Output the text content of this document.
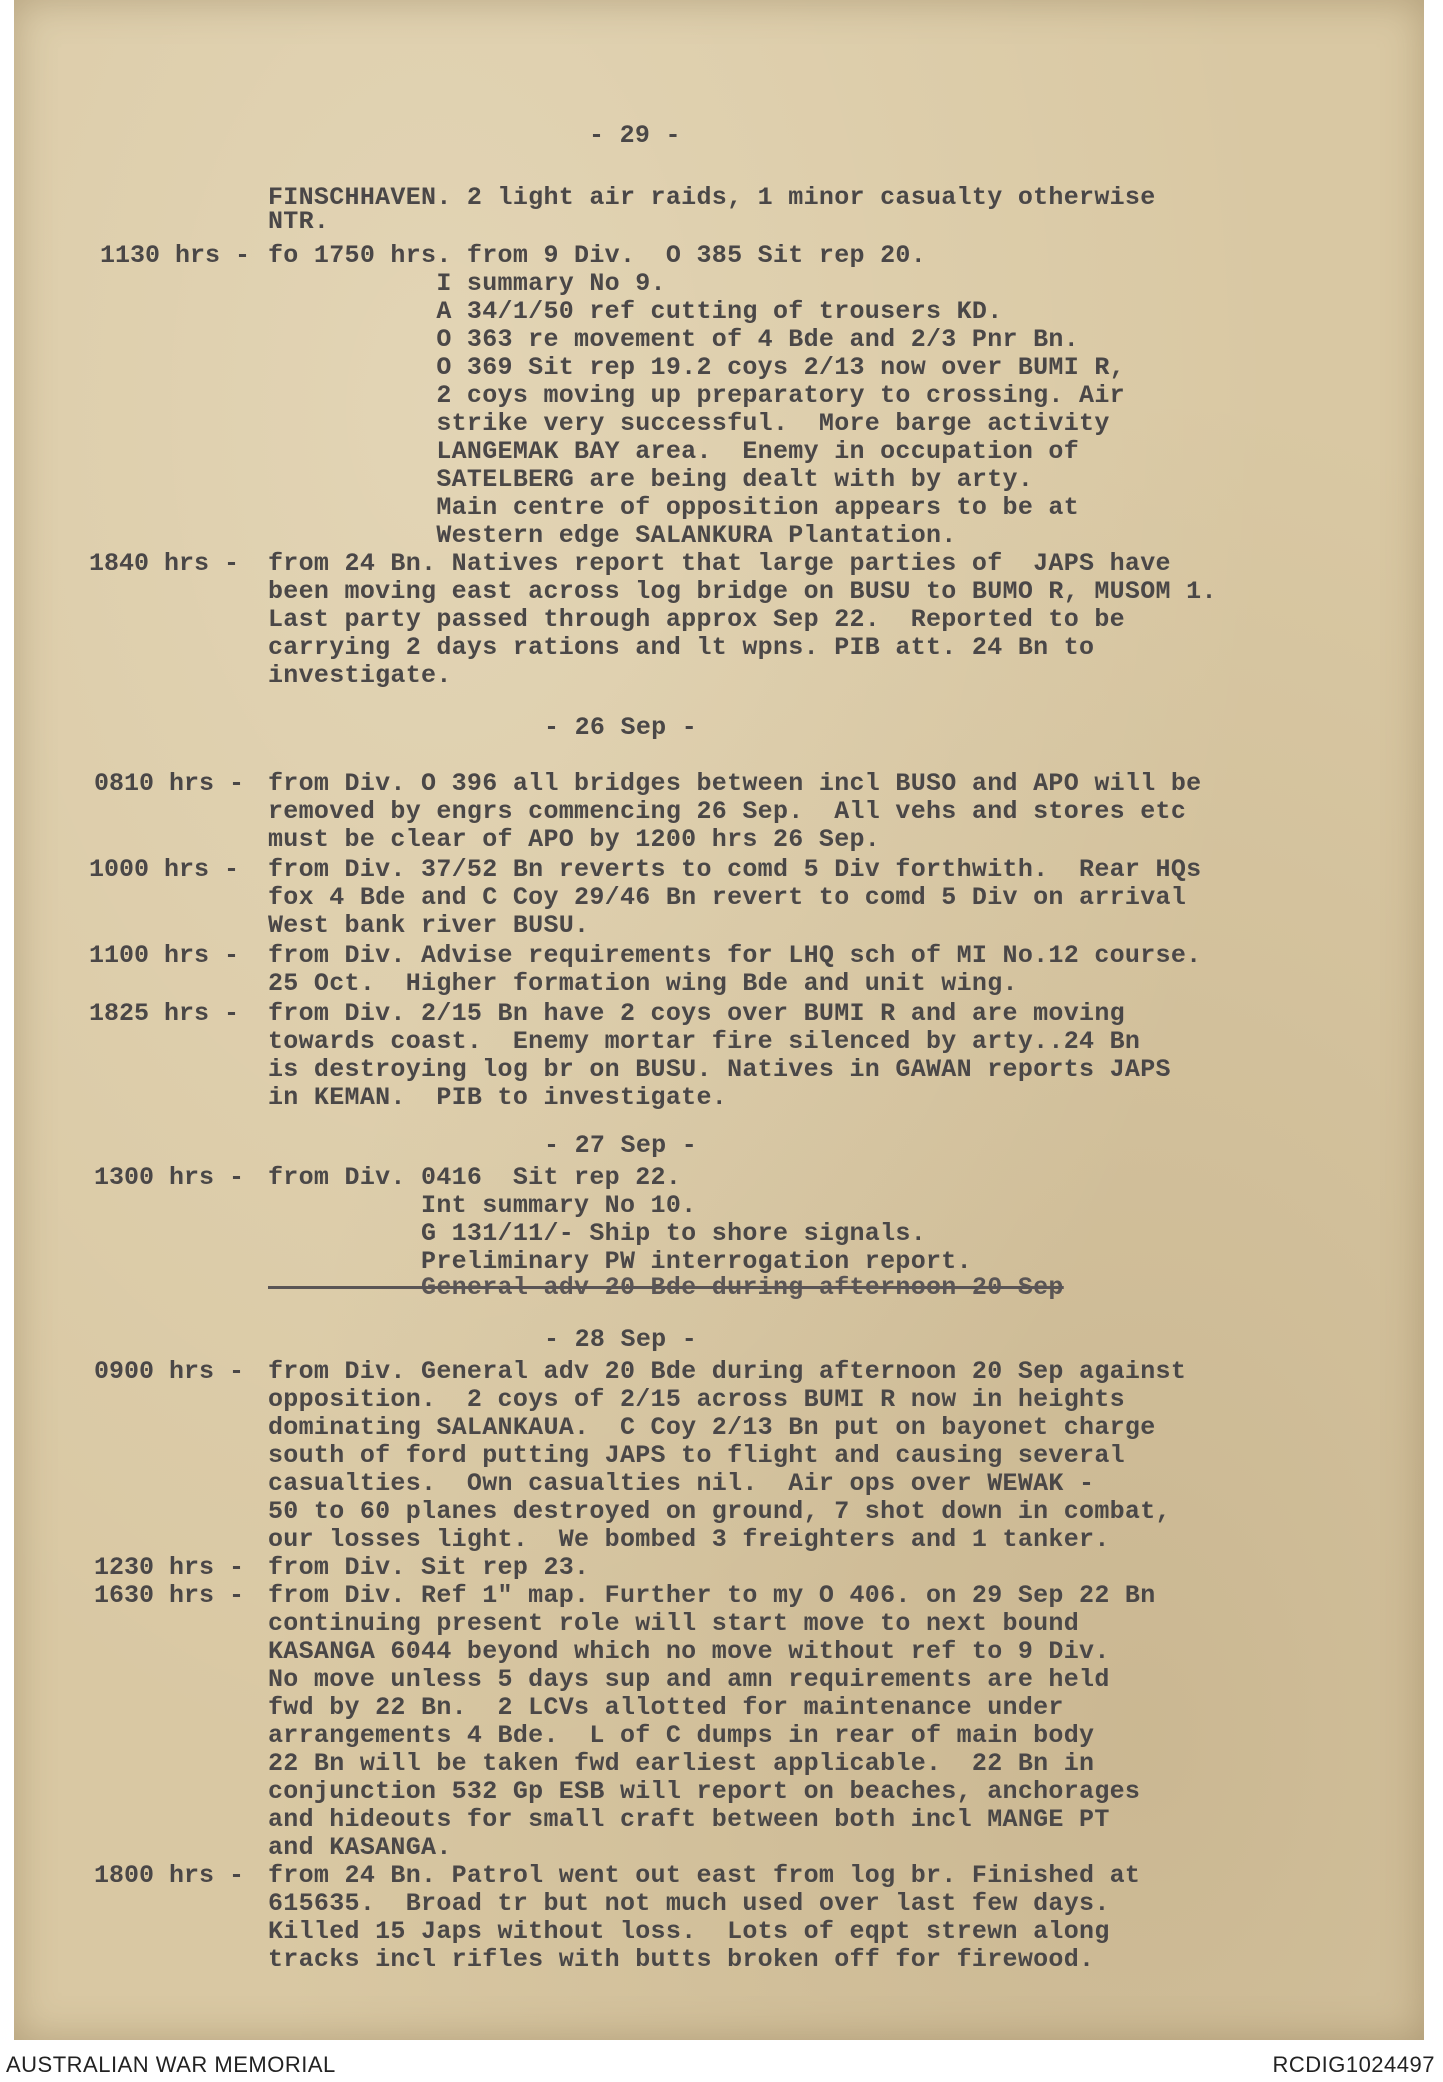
- 29 -
FINSCHHAVEN. 2 light air raids, 1 minor casualty otherwise
NTR.
1130 hrs - fo 1750 hrs. from 9 Div.  O 385 Sit rep 20.
I summary No 9.
A 34/1/50 ref cutting of trousers KD.
O 363 re movement of 4 Bde and 2/3 Pnr Bn.
O 369 Sit rep 19.2 coys 2/13 now over BUMI R,
2 coys moving up preparatory to crossing. Air
strike very successful.  More barge activity
LANGEMAK BAY area.  Enemy in occupation of
SATELBERG are being dealt with by arty.
Main centre of opposition appears to be at
Western edge SALANKURA Plantation.
1840 hrs - from 24 Bn. Natives report that large parties of  JAPS have
been moving east across log bridge on BUSU to BUMO R, MUSOM 1.
Last party passed through approx Sep 22.  Reported to be
carrying 2 days rations and lt wpns. PIB att. 24 Bn to
investigate.
- 26 Sep -
0810 hrs - from Div. O 396 all bridges between incl BUSO and APO will be
removed by engrs commencing 26 Sep.  All vehs and stores etc
must be clear of APO by 1200 hrs 26 Sep.
1000 hrs - from Div. 37/52 Bn reverts to comd 5 Div forthwith.  Rear HQs
fox 4 Bde and C Coy 29/46 Bn revert to comd 5 Div on arrival
West bank river BUSU.
1100 hrs - from Div. Advise requirements for LHQ sch of MI No.12 course.
25 Oct.  Higher formation wing Bde and unit wing.
1825 hrs - from Div. 2/15 Bn have 2 coys over BUMI R and are moving
towards coast.  Enemy mortar fire silenced by arty..24 Bn
is destroying log br on BUSU. Natives in GAWAN reports JAPS
in KEMAN.  PIB to investigate.
- 27 Sep -
1300 hrs - from Div. 0416  Sit rep 22.
Int summary No 10.
G 131/11/- Ship to shore signals.
Preliminary PW interrogation report.
General adv 20 Bde during afternoon 20 Sep
- 28 Sep -
0900 hrs - from Div. General adv 20 Bde during afternoon 20 Sep against
opposition.  2 coys of 2/15 across BUMI R now in heights
dominating SALANKAUA.  C Coy 2/13 Bn put on bayonet charge
south of ford putting JAPS to flight and causing several
casualties.  Own casualties nil.  Air ops over WEWAK -
50 to 60 planes destroyed on ground, 7 shot down in combat,
our losses light.  We bombed 3 freighters and 1 tanker.
1230 hrs - from Div. Sit rep 23.
1630 hrs - from Div. Ref 1" map. Further to my O 406. on 29 Sep 22 Bn
continuing present role will start move to next bound
KASANGA 6044 beyond which no move without ref to 9 Div.
No move unless 5 days sup and amn requirements are held
fwd by 22 Bn.  2 LCVs allotted for maintenance under
arrangements 4 Bde.  L of C dumps in rear of main body
22 Bn will be taken fwd earliest applicable.  22 Bn in
conjunction 532 Gp ESB will report on beaches, anchorages
and hideouts for small craft between both incl MANGE PT
and KASANGA.
1800 hrs - from 24 Bn. Patrol went out east from log br. Finished at
615635.  Broad tr but not much used over last few days.
Killed 15 Japs without loss.  Lots of eqpt strewn along
tracks incl rifles with butts broken off for firewood.
AUSTRALIAN WAR MEMORIAL	RCDIG1024497
